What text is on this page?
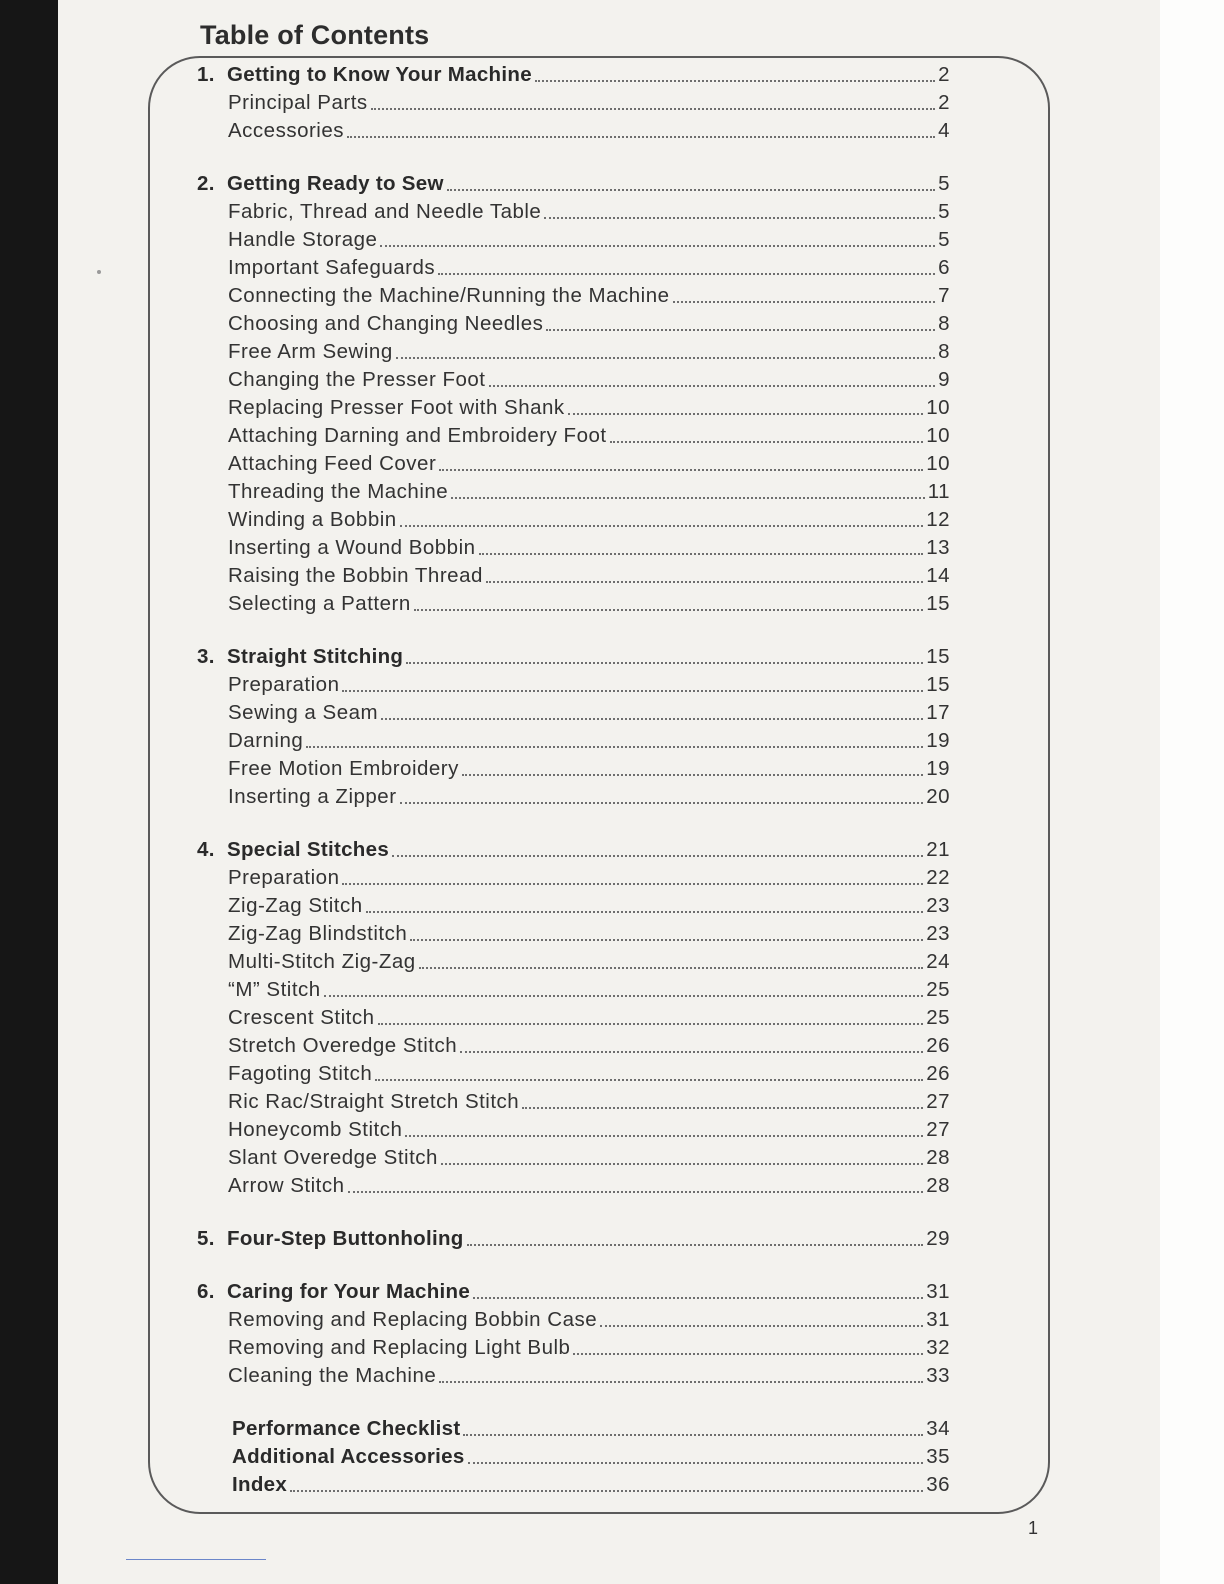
Table of Contents
1. Getting to Know Your Machine	2
Principal Parts	2
Accessories	4
2. Getting Ready to Sew	5
Fabric, Thread and Needle Table	5
Handle Storage	5
Important Safeguards	6
Connecting the Machine/Running the Machine	7
Choosing and Changing Needles	8
Free Arm Sewing	8
Changing the Presser Foot	9
Replacing Presser Foot with Shank	10
Attaching Darning and Embroidery Foot	10
Attaching Feed Cover	10
Threading the Machine	11
Winding a Bobbin	12
Inserting a Wound Bobbin	13
Raising the Bobbin Thread	14
Selecting a Pattern	15
3. Straight Stitching	15
Preparation	15
Sewing a Seam	17
Darning	19
Free Motion Embroidery	19
Inserting a Zipper	20
4. Special Stitches	21
Preparation	22
Zig-Zag Stitch	23
Zig-Zag Blindstitch	23
Multi-Stitch Zig-Zag	24
“M” Stitch	25
Crescent Stitch	25
Stretch Overedge Stitch	26
Fagoting Stitch	26
Ric Rac/Straight Stretch Stitch	27
Honeycomb Stitch	27
Slant Overedge Stitch	28
Arrow Stitch	28
5. Four-Step Buttonholing	29
6. Caring for Your Machine	31
Removing and Replacing Bobbin Case	31
Removing and Replacing Light Bulb	32
Cleaning the Machine	33
Performance Checklist	34
Additional Accessories	35
Index	36
1
